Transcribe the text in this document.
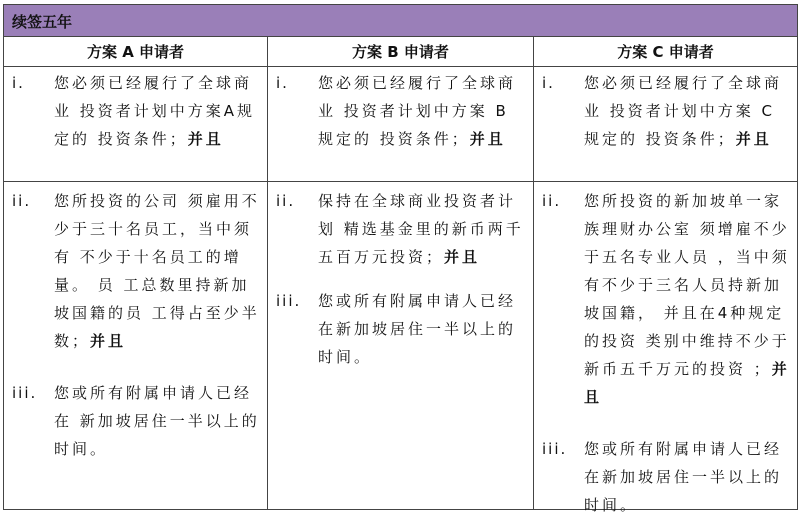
续签五年
方案 A 申请者	方案 B 申请者	方案 C 申请者
i. 您必须已经履行了全球商业 投资者计划中方案A规定的 投资条件；并且
ii. 您所投资的公司 须雇用不 少于三十名员工，当中须有 不少于十名员工的增量。 员 工总数里持新加坡国籍的员 工得占至少半数；并且
iii. 您或所有附属申请人已经在 新加坡居住一半以上的时间。
i. 您必须已经履行了全球商业 投资者计划中方案 B规定的 投资条件；并且
ii. 保持在全球商业投资者计划 精选基金里的新币两千五百万元投资；并且
iii. 您或所有附属申请人已经在新加坡居住一半以上的时间。
i. 您必须已经履行了全球商业 投资者计划中方案 C规定的 投资条件；并且
ii. 您所投资的新加坡单一家族理财办公室 须增雇不少于五名专业人员 ，当中须有不少于三名人员持新加坡国籍， 并且在4种规定的投资 类别中维持不少于新币五千万元的投资 ；并且
iii. 您或所有附属申请人已经在新加坡居住一半以上的时间。
